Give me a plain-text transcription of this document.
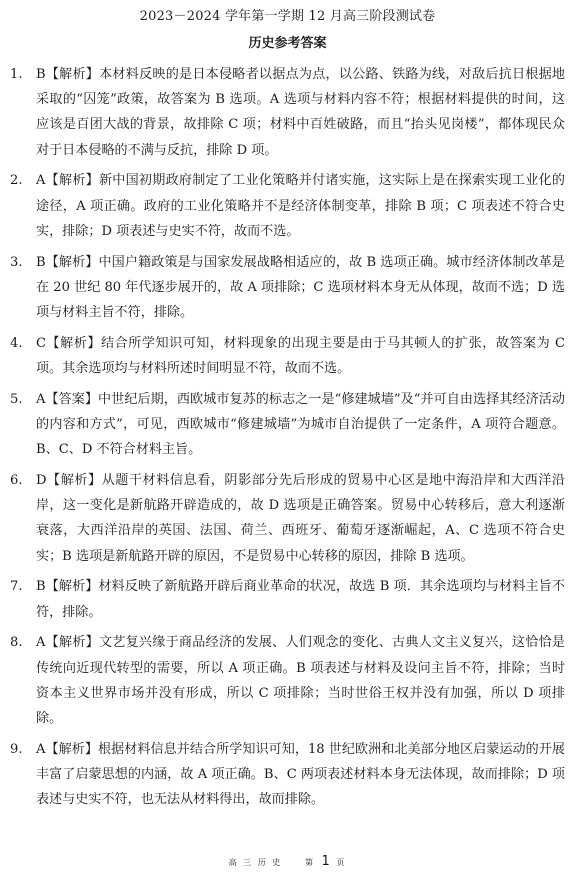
2023－2024 学年第一学期 12 月高三阶段测试卷
历史参考答案
1.	B【解析】本材料反映的是日本侵略者以据点为点，以公路、铁路为线，对敌后抗日根据地采取的“囚笼”政策，故答案为 B 选项。A 选项与材料内容不符；根据材料提供的时间，这应该是百团大战的背景，故排除 C 项；材料中百姓破路，而且“抬头见岗楼”，都体现民众对于日本侵略的不满与反抗，排除 D 项。
2.	A【解析】新中国初期政府制定了工业化策略并付诸实施，这实际上是在探索实现工业化的途径，A 项正确。政府的工业化策略并不是经济体制变革，排除 B 项；C 项表述不符合史实，排除；D 项表述与史实不符，故而不选。
3.	B【解析】中国户籍政策是与国家发展战略相适应的，故 B 选项正确。城市经济体制改革是在 20 世纪 80 年代逐步展开的，故 A 项排除；C 选项材料本身无从体现，故而不选；D 选项与材料主旨不符，排除。
4.	C【解析】结合所学知识可知，材料现象的出现主要是由于马其顿人的扩张，故答案为 C 项。其余选项均与材料所述时间明显不符，故而不选。
5.	A【答案】中世纪后期，西欧城市复苏的标志之一是“修建城墙”及“并可自由选择其经济活动的内容和方式”，可见，西欧城市“修建城墙”为城市自治提供了一定条件，A 项符合题意。B、C、D 不符合材料主旨。
6.	D【解析】从题干材料信息看，阴影部分先后形成的贸易中心区是地中海沿岸和大西洋沿岸，这一变化是新航路开辟造成的，故 D 选项是正确答案。贸易中心转移后，意大利逐渐衰落，大西洋沿岸的英国、法国、荷兰、西班牙、葡萄牙逐渐崛起，A、C 选项不符合史实；B 选项是新航路开辟的原因，不是贸易中心转移的原因，排除 B 选项。
7.	B【解析】材料反映了新航路开辟后商业革命的状况，故选 B 项．其余选项均与材料主旨不符，排除。
8.	A【解析】文艺复兴缘于商品经济的发展、人们观念的变化、古典人文主义复兴，这恰恰是传统向近现代转型的需要，所以 A 项正确。B 项表述与材料及设问主旨不符，排除；当时资本主义世界市场并没有形成，所以 C 项排除；当时世俗王权并没有加强，所以 D 项排除。
9.	A【解析】根据材料信息并结合所学知识可知，18 世纪欧洲和北美部分地区启蒙运动的开展丰富了启蒙思想的内涵，故 A 项正确。B、C 两项表述材料本身无法体现，故而排除；D 项表述与史实不符，也无法从材料得出，故而排除。
高 三 历 史	第 1 页
